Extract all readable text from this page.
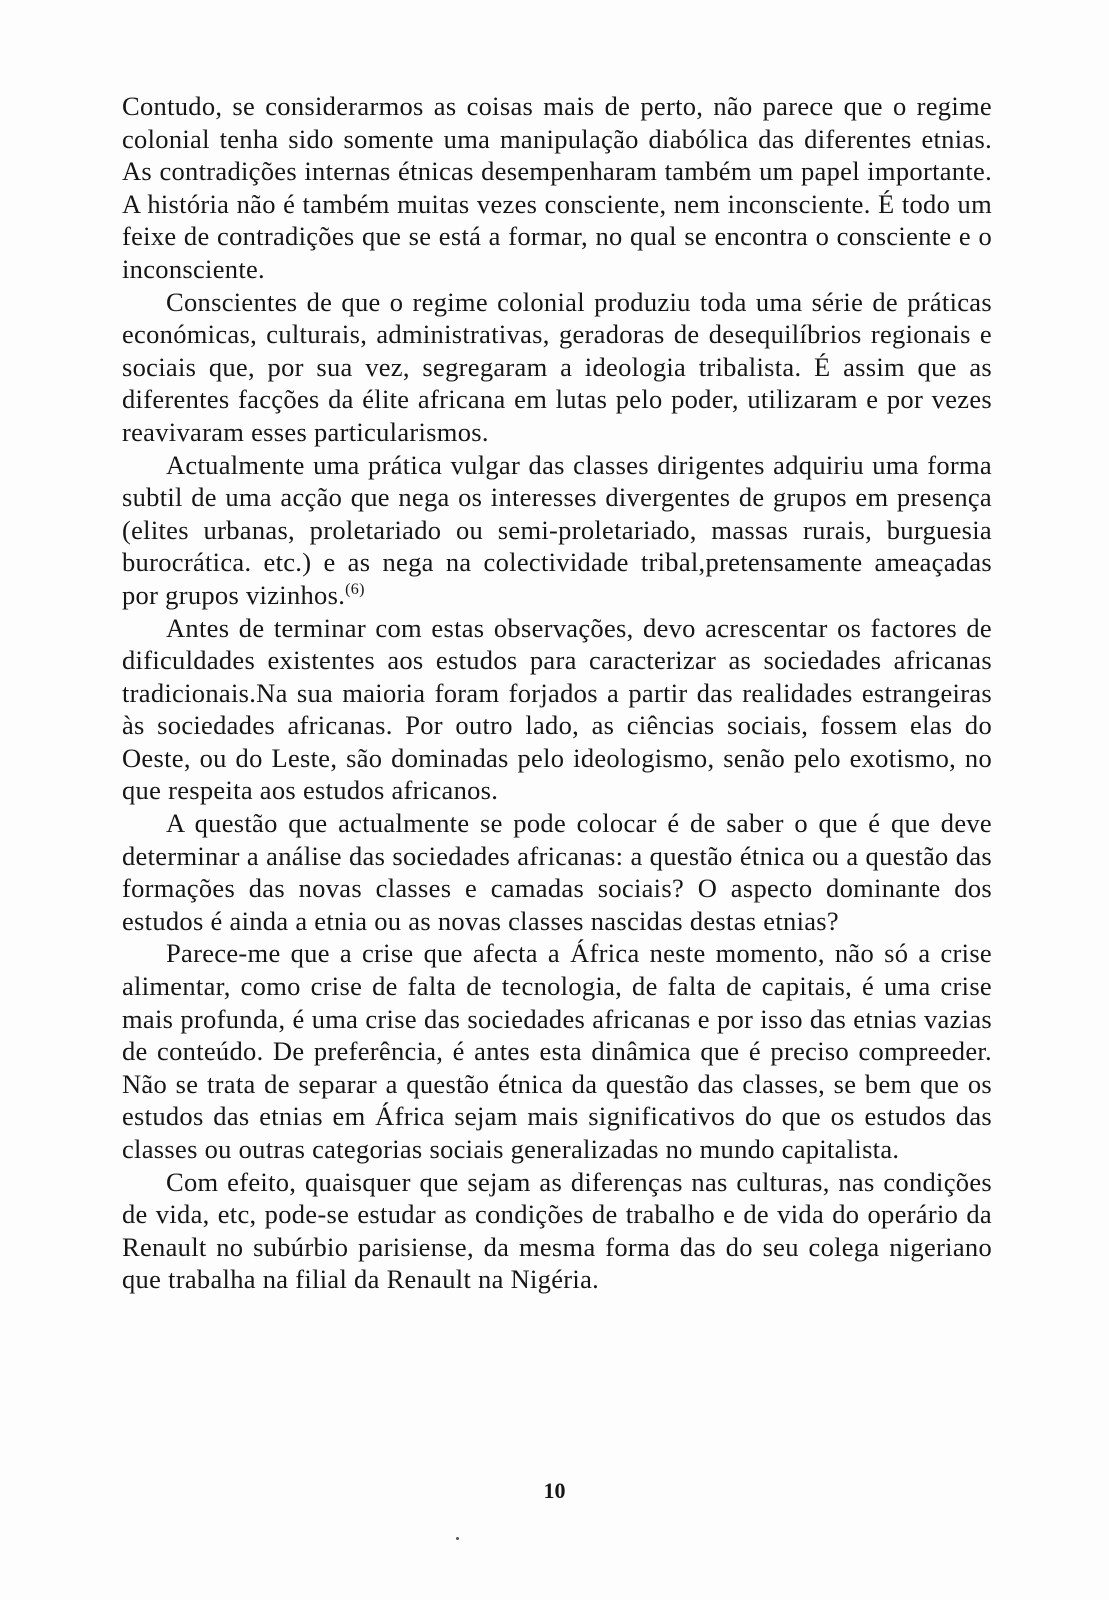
Contudo, se considerarmos as coisas mais de perto, não parece que o regime colonial tenha sido somente uma manipulação diabólica das diferentes etnias. As contradições internas étnicas desempenharam também um papel importante. A história não é também muitas vezes consciente, nem inconsciente. É todo um feixe de contradições que se está a formar, no qual se encontra o consciente e o inconsciente.

Conscientes de que o regime colonial produziu toda uma série de práticas económicas, culturais, administrativas, geradoras de desequilíbrios regionais e sociais que, por sua vez, segregaram a ideologia tribalista. É assim que as diferentes facções da élite africana em lutas pelo poder, utilizaram e por vezes reavivaram esses particularismos.

Actualmente uma prática vulgar das classes dirigentes adquiriu uma forma subtil de uma acção que nega os interesses divergentes de grupos em presença (elites urbanas, proletariado ou semi-proletariado, massas rurais, burguesia burocrática. etc.) e as nega na colectividade tribal,pretensamente ameaçadas por grupos vizinhos.$^{(6)}$

Antes de terminar com estas observações, devo acrescentar os factores de dificuldades existentes aos estudos para caracterizar as sociedades africanas tradicionais.Na sua maioria foram forjados a partir das realidades estrangeiras às sociedades africanas. Por outro lado, as ciências sociais, fossem elas do Oeste, ou do Leste, são dominadas pelo ideologismo, senão pelo exotismo, no que respeita aos estudos africanos.

A questão que actualmente se pode colocar é de saber o que é que deve determinar a análise das sociedades africanas: a questão étnica ou a questão das formações das novas classes e camadas sociais? O aspecto dominante dos estudos é ainda a etnia ou as novas classes nascidas destas etnias?

Parece-me que a crise que afecta a África neste momento, não só a crise alimentar, como crise de falta de tecnologia, de falta de capitais, é uma crise mais profunda, é uma crise das sociedades africanas e por isso das etnias vazias de conteúdo. De preferência, é antes esta dinâmica que é preciso compreeder. Não se trata de separar a questão étnica da questão das classes, se bem que os estudos das etnias em África sejam mais significativos do que os estudos das classes ou outras categorias sociais generalizadas no mundo capitalista.

Com efeito, quaisquer que sejam as diferenças nas culturas, nas condições de vida, etc, pode-se estudar as condições de trabalho e de vida do operário da Renault no subúrbio parisiense, da mesma forma das do seu colega nigeriano que trabalha na filial da Renault na Nigéria.

10
